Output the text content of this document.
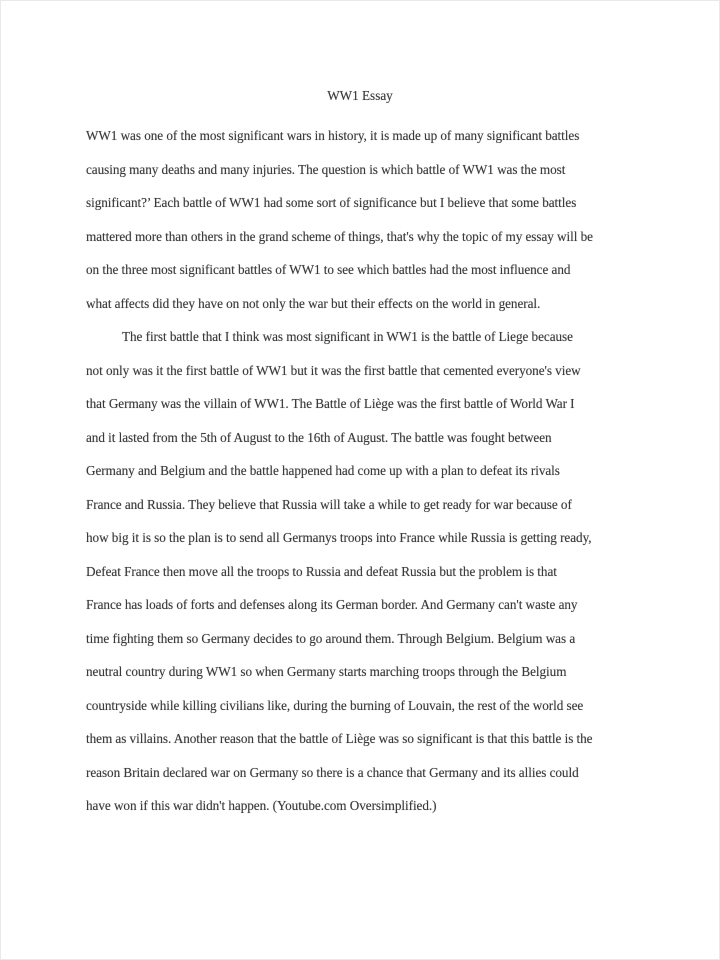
WW1 Essay
WW1 was one of the most significant wars in history, it is made up of many significant battles
causing many deaths and many injuries. The question is which battle of WW1 was the most
significant?’ Each battle of WW1 had some sort of significance but I believe that some battles
mattered more than others in the grand scheme of things, that's why the topic of my essay will be
on the three most significant battles of WW1 to see which battles had the most influence and
what affects did they have on not only the war but their effects on the world in general.
The first battle that I think was most significant in WW1 is the battle of Liege because
not only was it the first battle of WW1 but it was the first battle that cemented everyone's view
that Germany was the villain of WW1. The Battle of Liège was the first battle of World War I
and it lasted from the 5th of August to the 16th of August. The battle was fought between
Germany and Belgium and the battle happened had come up with a plan to defeat its rivals
France and Russia. They believe that Russia will take a while to get ready for war because of
how big it is so the plan is to send all Germanys troops into France while Russia is getting ready,
Defeat France then move all the troops to Russia and defeat Russia but the problem is that
France has loads of forts and defenses along its German border. And Germany can't waste any
time fighting them so Germany decides to go around them. Through Belgium. Belgium was a
neutral country during WW1 so when Germany starts marching troops through the Belgium
countryside while killing civilians like, during the burning of Louvain, the rest of the world see
them as villains. Another reason that the battle of Liège was so significant is that this battle is the
reason Britain declared war on Germany so there is a chance that Germany and its allies could
have won if this war didn't happen. (Youtube.com Oversimplified.)
